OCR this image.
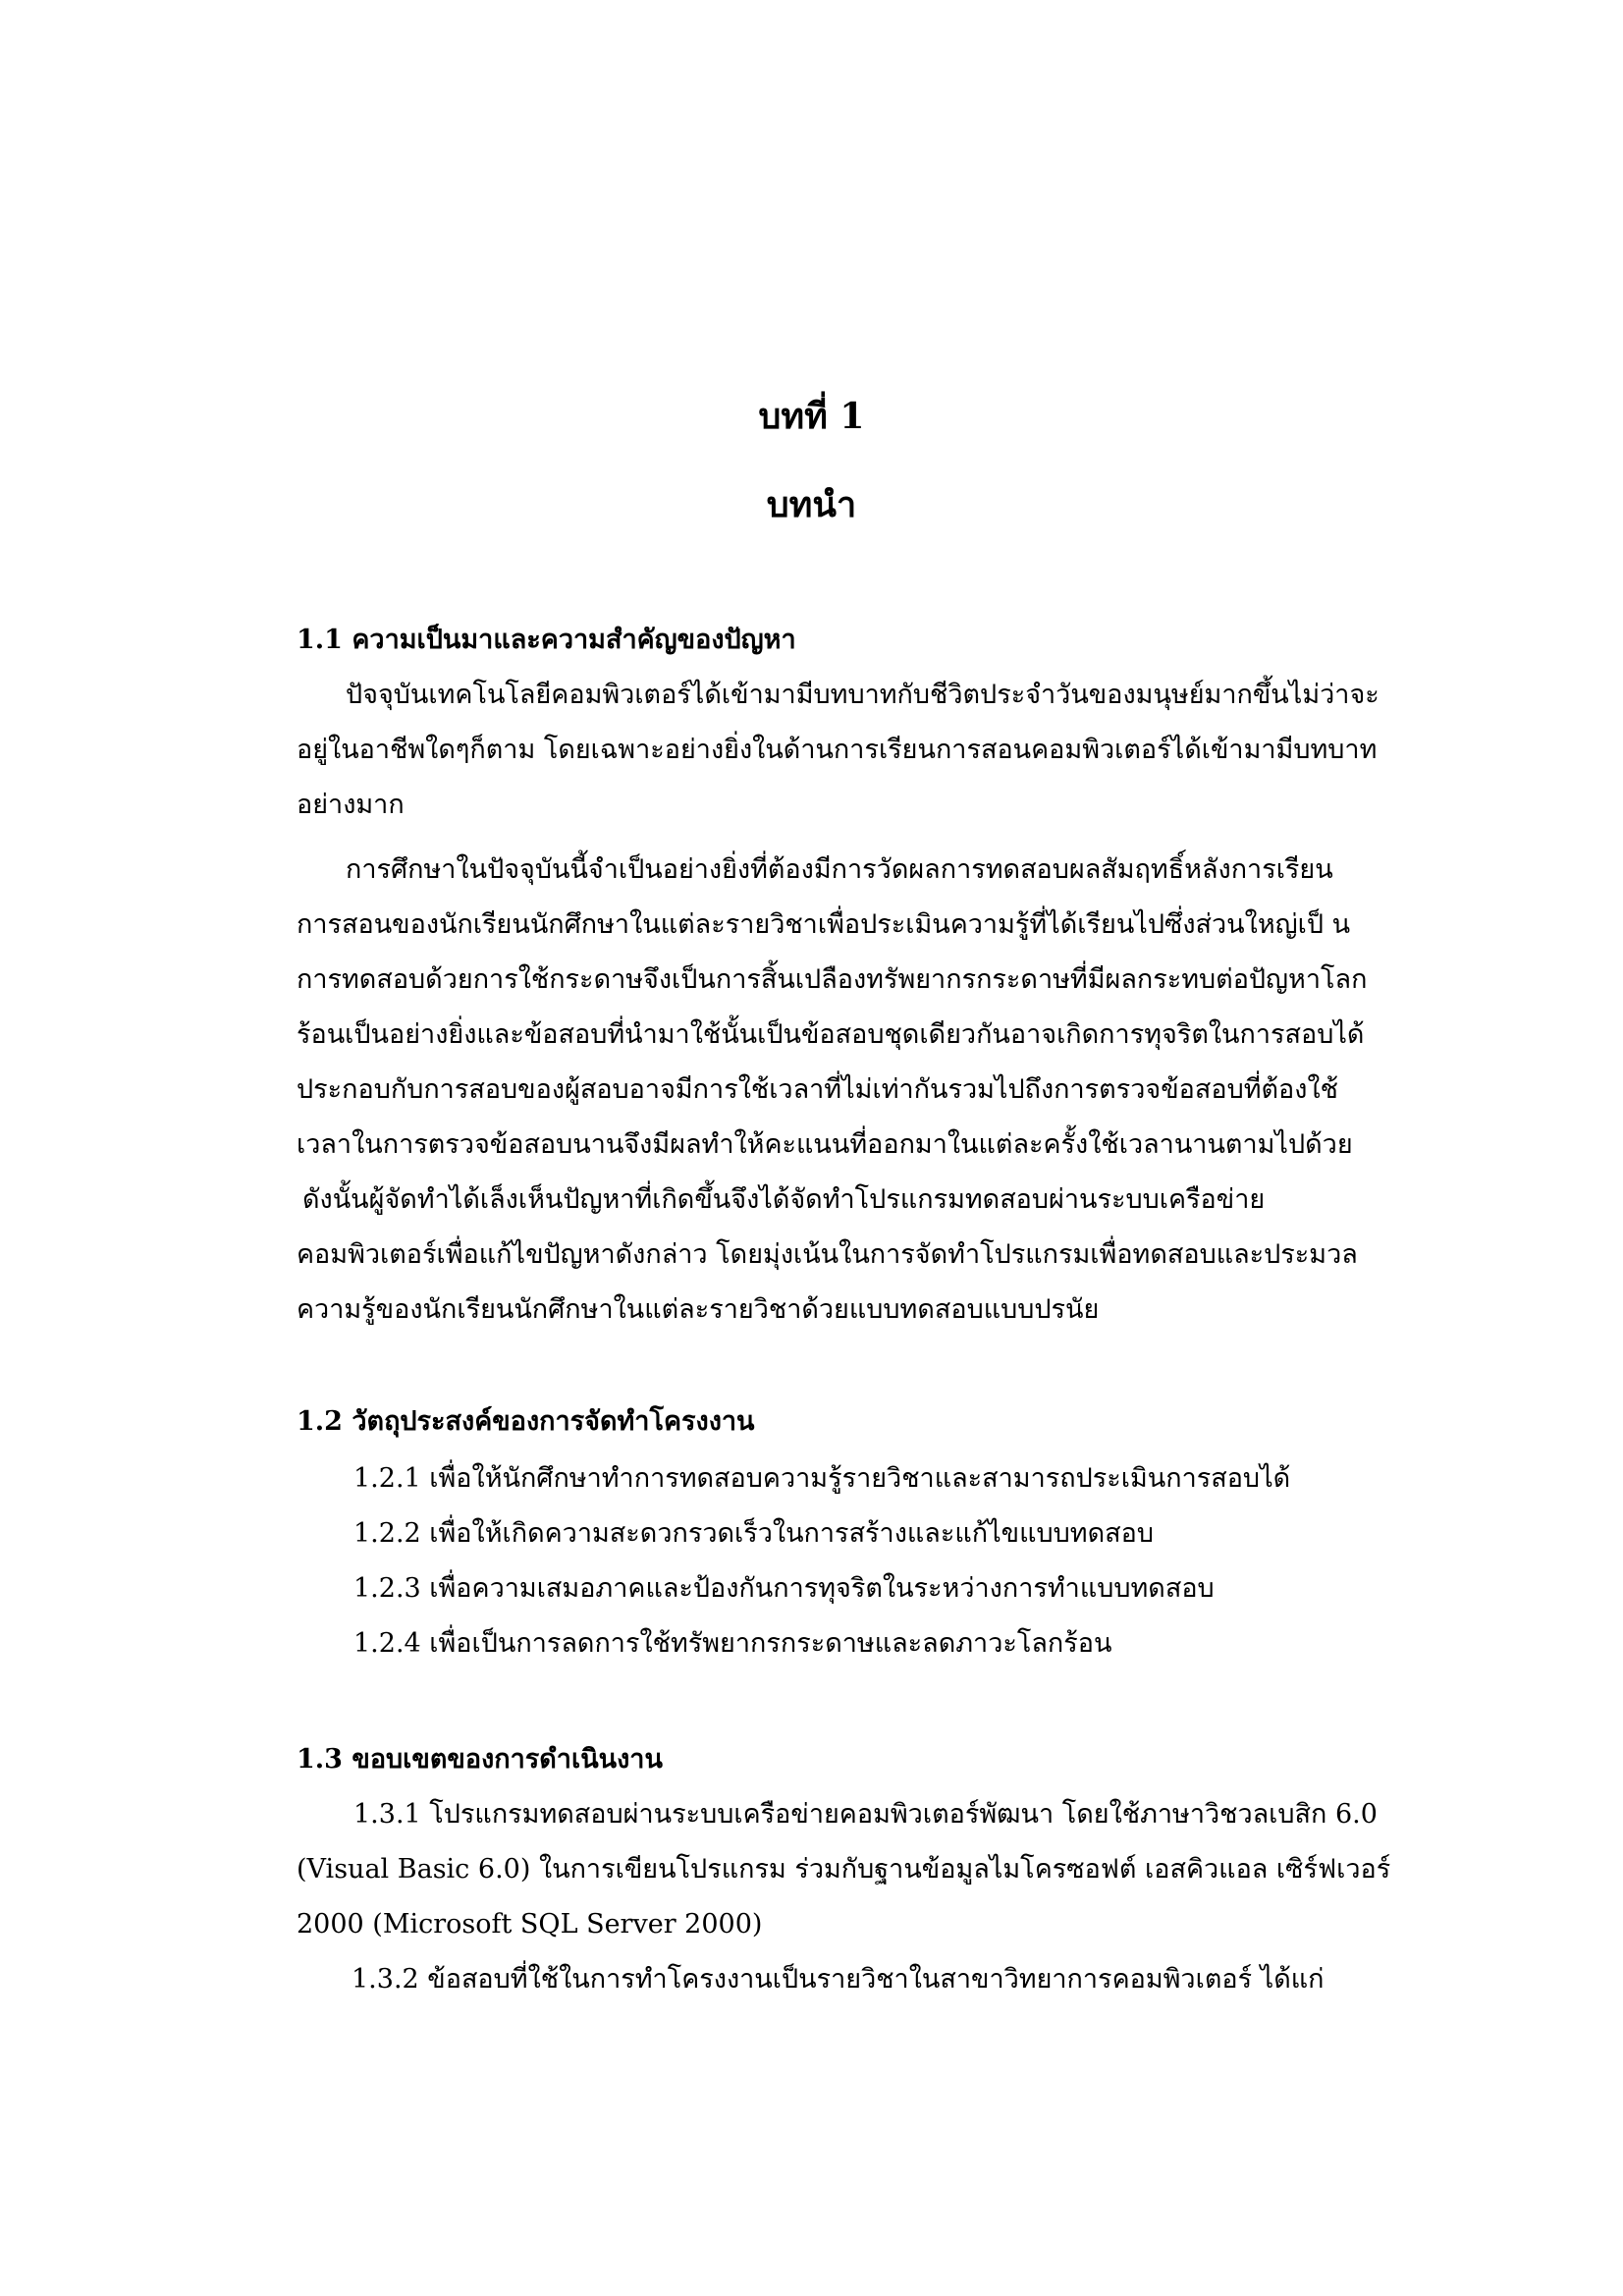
บทที่ 1
บทนำ
1.1 ความเป็นมาและความสำคัญของปัญหา
ปัจจุบันเทคโนโลยีคอมพิวเตอร์ได้เข้ามามีบทบาทกับชีวิตประจำวันของมนุษย์มากขึ้นไม่ว่าจะ
อยู่ในอาชีพใดๆก็ตาม โดยเฉพาะอย่างยิ่งในด้านการเรียนการสอนคอมพิวเตอร์ได้เข้ามามีบทบาท
อย่างมาก
การศึกษาในปัจจุบันนี้จำเป็นอย่างยิ่งที่ต้องมีการวัดผลการทดสอบผลสัมฤทธิ์หลังการเรียน
การสอนของนักเรียนนักศึกษาในแต่ละรายวิชาเพื่อประเมินความรู้ที่ได้เรียนไปซึ่งส่วนใหญ่เป็ น
การทดสอบด้วยการใช้กระดาษจึงเป็นการสิ้นเปลืองทรัพยากรกระดาษที่มีผลกระทบต่อปัญหาโลก
ร้อนเป็นอย่างยิ่งและข้อสอบที่นำมาใช้นั้นเป็นข้อสอบชุดเดียวกันอาจเกิดการทุจริตในการสอบได้
ประกอบกับการสอบของผู้สอบอาจมีการใช้เวลาที่ไม่เท่ากันรวมไปถึงการตรวจข้อสอบที่ต้องใช้
เวลาในการตรวจข้อสอบนานจึงมีผลทำให้คะแนนที่ออกมาในแต่ละครั้งใช้เวลานานตามไปด้วย
ดังนั้นผู้จัดทำได้เล็งเห็นปัญหาที่เกิดขึ้นจึงได้จัดทำโปรแกรมทดสอบผ่านระบบเครือข่าย
คอมพิวเตอร์เพื่อแก้ไขปัญหาดังกล่าว โดยมุ่งเน้นในการจัดทำโปรแกรมเพื่อทดสอบและประมวล
ความรู้ของนักเรียนนักศึกษาในแต่ละรายวิชาด้วยแบบทดสอบแบบปรนัย
1.2 วัตถุประสงค์ของการจัดทำโครงงาน
1.2.1 เพื่อให้นักศึกษาทำการทดสอบความรู้รายวิชาและสามารถประเมินการสอบได้
1.2.2 เพื่อให้เกิดความสะดวกรวดเร็วในการสร้างและแก้ไขแบบทดสอบ
1.2.3 เพื่อความเสมอภาคและป้องกันการทุจริตในระหว่างการทำแบบทดสอบ
1.2.4 เพื่อเป็นการลดการใช้ทรัพยากรกระดาษและลดภาวะโลกร้อน
1.3 ขอบเขตของการดำเนินงาน
1.3.1 โปรแกรมทดสอบผ่านระบบเครือข่ายคอมพิวเตอร์พัฒนา โดยใช้ภาษาวิชวลเบสิก 6.0
(Visual Basic 6.0) ในการเขียนโปรแกรม ร่วมกับฐานข้อมูลไมโครซอฟต์ เอสคิวแอล เซิร์ฟเวอร์
2000 (Microsoft SQL Server 2000)
1.3.2 ข้อสอบที่ใช้ในการทำโครงงานเป็นรายวิชาในสาขาวิทยาการคอมพิวเตอร์ ได้แก่
